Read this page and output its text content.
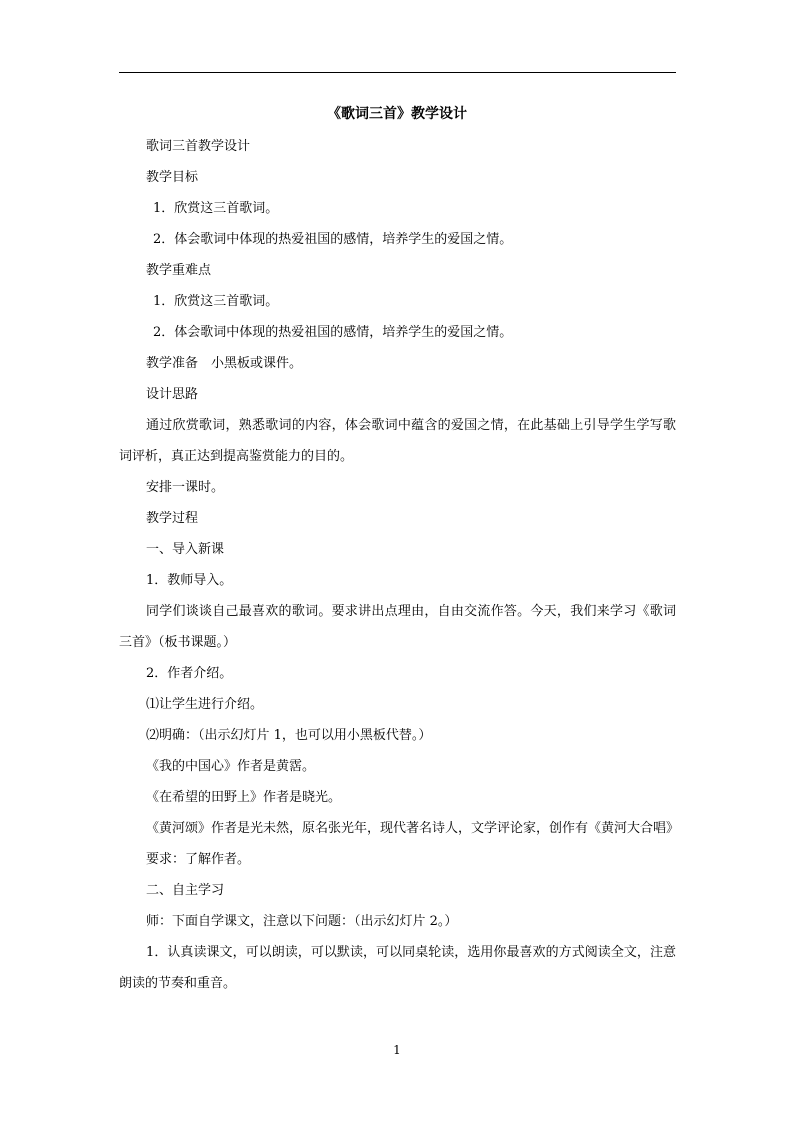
《歌词三首》教学设计
歌词三首教学设计
教学目标
1．欣赏这三首歌词。
2．体会歌词中体现的热爱祖国的感情，培养学生的爱国之情。
教学重难点
1．欣赏这三首歌词。
2．体会歌词中体现的热爱祖国的感情，培养学生的爱国之情。
教学准备　小黑板或课件。
设计思路
通过欣赏歌词，熟悉歌词的内容，体会歌词中蕴含的爱国之情，在此基础上引导学生学写歌词评析，真正达到提高鉴赏能力的目的。
安排一课时。
教学过程
一、导入新课
1．教师导入。
同学们谈谈自己最喜欢的歌词。要求讲出点理由，自由交流作答。今天，我们来学习《歌词三首》（板书课题。）
2．作者介绍。
⑴让学生进行介绍。
⑵明确：（出示幻灯片 1，也可以用小黑板代替。）
《我的中国心》作者是黄霑。
《在希望的田野上》作者是晓光。
《黄河颂》作者是光未然，原名张光年，现代著名诗人，文学评论家，创作有《黄河大合唱》
要求：了解作者。
二、自主学习
师：下面自学课文，注意以下问题：（出示幻灯片 2。）
1．认真读课文，可以朗读，可以默读，可以同桌轮读，选用你最喜欢的方式阅读全文，注意朗读的节奏和重音。
1
